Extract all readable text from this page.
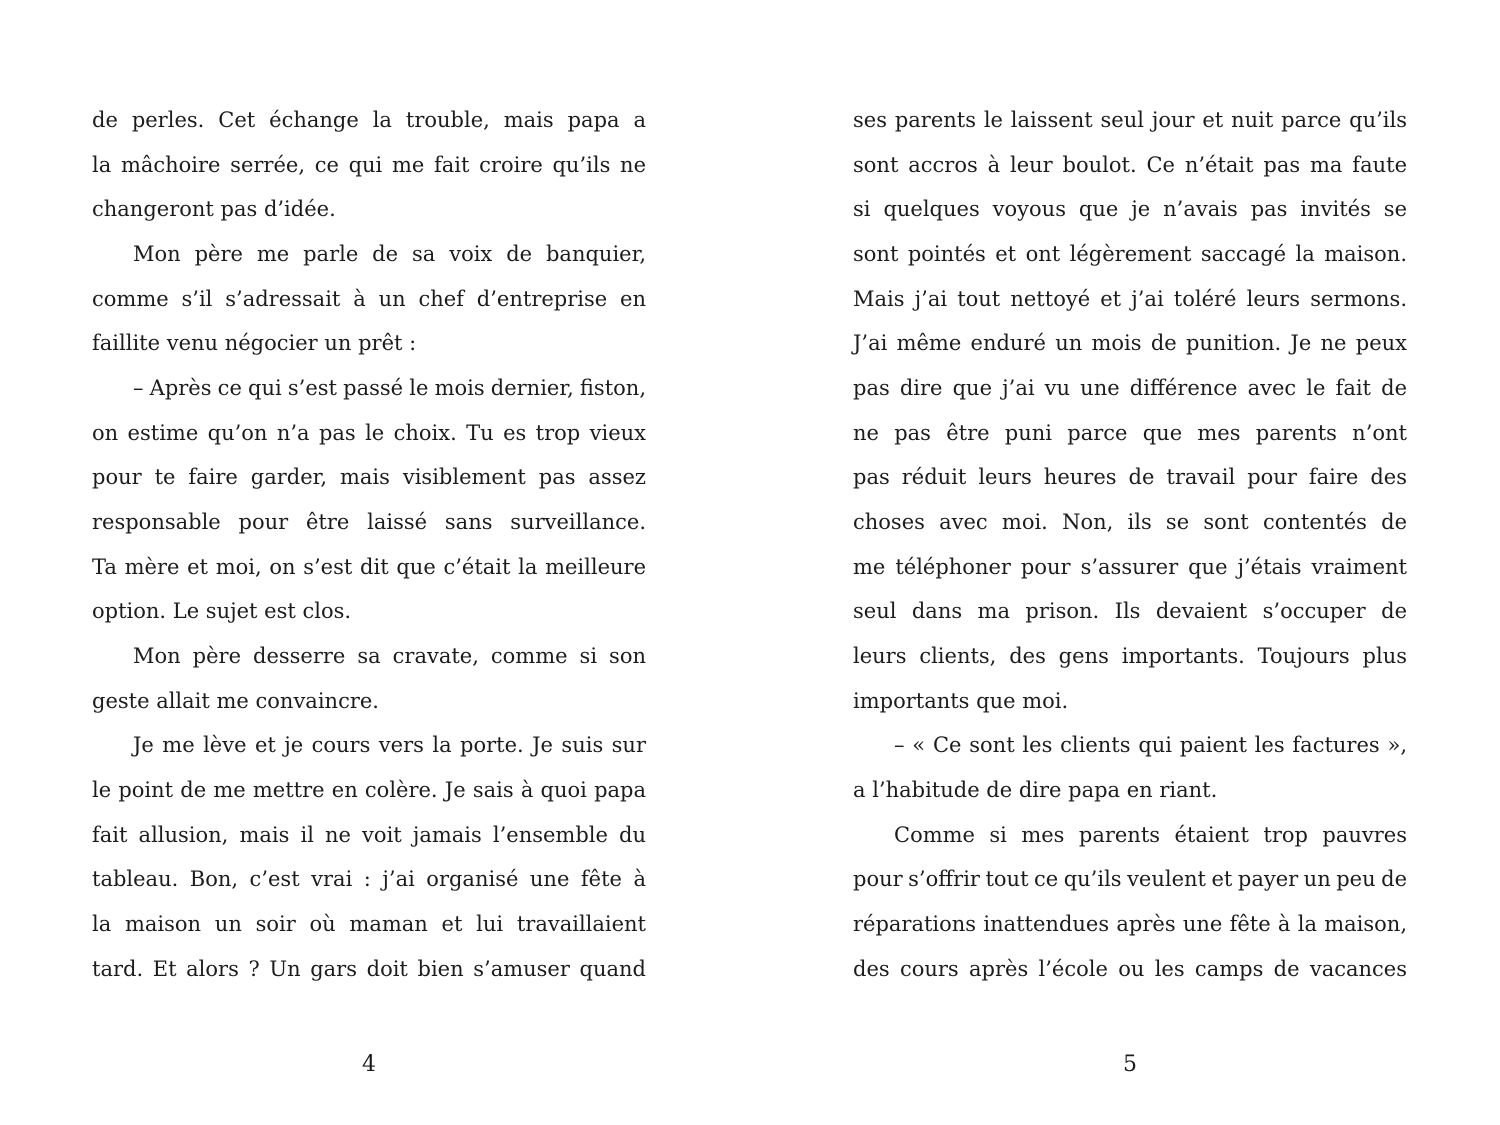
de perles. Cet échange la trouble, mais papa a
la mâchoire serrée, ce qui me fait croire qu’ils ne
changeront pas d’idée.
Mon père me parle de sa voix de banquier,
comme s’il s’adressait à un chef d’entreprise en
faillite venu négocier un prêt :
– Après ce qui s’est passé le mois dernier, fiston,
on estime qu’on n’a pas le choix. Tu es trop vieux
pour te faire garder, mais visiblement pas assez
responsable pour être laissé sans surveillance.
Ta mère et moi, on s’est dit que c’était la meilleure
option. Le sujet est clos.
Mon père desserre sa cravate, comme si son
geste allait me convaincre.
Je me lève et je cours vers la porte. Je suis sur
le point de me mettre en colère. Je sais à quoi papa
fait allusion, mais il ne voit jamais l’ensemble du
tableau. Bon, c’est vrai : j’ai organisé une fête à
la maison un soir où maman et lui travaillaient
tard. Et alors ? Un gars doit bien s’amuser quand
4
ses parents le laissent seul jour et nuit parce qu’ils
sont accros à leur boulot. Ce n’était pas ma faute
si quelques voyous que je n’avais pas invités se
sont pointés et ont légèrement saccagé la maison.
Mais j’ai tout nettoyé et j’ai toléré leurs sermons.
J’ai même enduré un mois de punition. Je ne peux
pas dire que j’ai vu une différence avec le fait de
ne pas être puni parce que mes parents n’ont
pas réduit leurs heures de travail pour faire des
choses avec moi. Non, ils se sont contentés de
me téléphoner pour s’assurer que j’étais vraiment
seul dans ma prison. Ils devaient s’occuper de
leurs clients, des gens importants. Toujours plus
importants que moi.
– « Ce sont les clients qui paient les factures »,
a l’habitude de dire papa en riant.
Comme si mes parents étaient trop pauvres
pour s’offrir tout ce qu’ils veulent et payer un peu de
réparations inattendues après une fête à la maison,
des cours après l’école ou les camps de vacances
5
